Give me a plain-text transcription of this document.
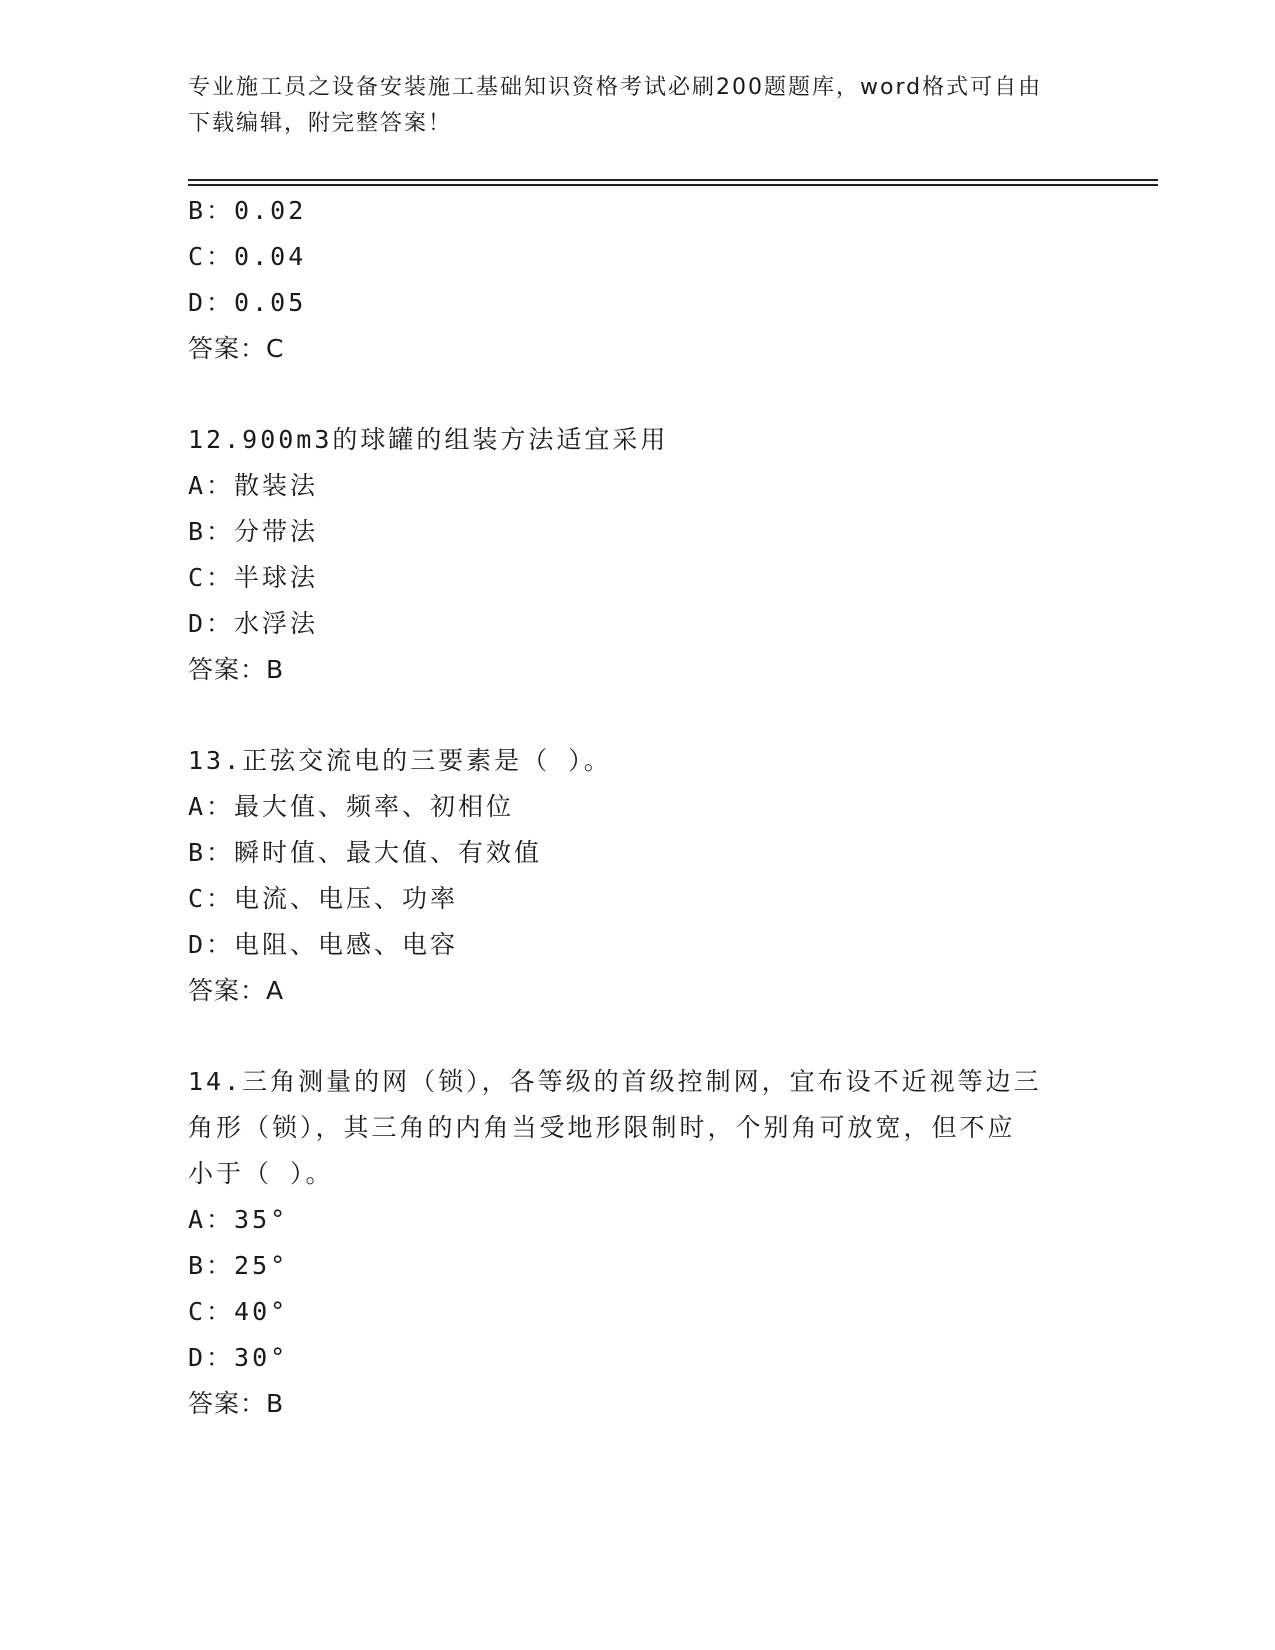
专业施工员之设备安装施工基础知识资格考试必刷200题题库，word格式可自由
下载编辑，附完整答案！
B：0.02
C：0.04
D：0.05
答案：C
12.900m3的球罐的组装方法适宜采用
A：散装法
B：分带法
C：半球法
D：水浮法
答案：B
13.正弦交流电的三要素是（ ）。
A：最大值、频率、初相位
B：瞬时值、最大值、有效值
C：电流、电压、功率
D：电阻、电感、电容
答案：A
14.三角测量的网（锁），各等级的首级控制网，宜布设不近视等边三
角形（锁），其三角的内角当受地形限制时，个别角可放宽，但不应
小于（ ）。
A：35°
B：25°
C：40°
D：30°
答案：B
